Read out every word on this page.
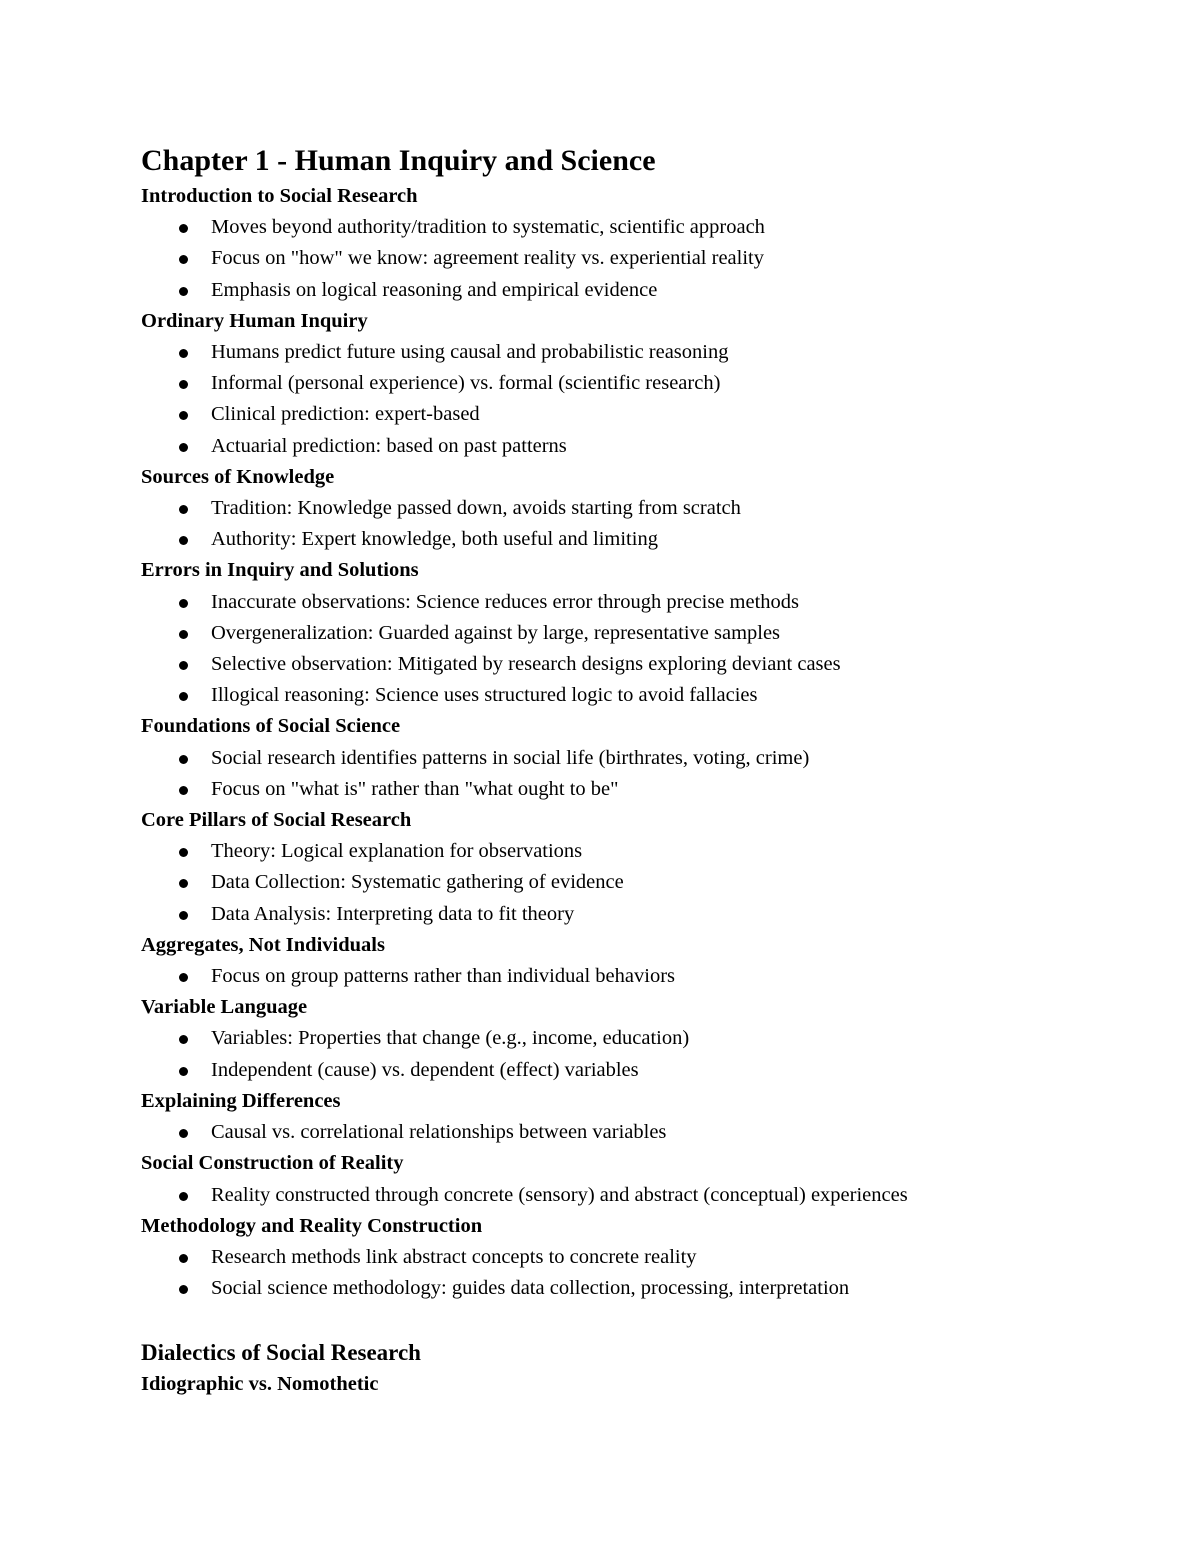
Chapter 1 - Human Inquiry and Science
Introduction to Social Research
Moves beyond authority/tradition to systematic, scientific approach
Focus on "how" we know: agreement reality vs. experiential reality
Emphasis on logical reasoning and empirical evidence
Ordinary Human Inquiry
Humans predict future using causal and probabilistic reasoning
Informal (personal experience) vs. formal (scientific research)
Clinical prediction: expert-based
Actuarial prediction: based on past patterns
Sources of Knowledge
Tradition: Knowledge passed down, avoids starting from scratch
Authority: Expert knowledge, both useful and limiting
Errors in Inquiry and Solutions
Inaccurate observations: Science reduces error through precise methods
Overgeneralization: Guarded against by large, representative samples
Selective observation: Mitigated by research designs exploring deviant cases
Illogical reasoning: Science uses structured logic to avoid fallacies
Foundations of Social Science
Social research identifies patterns in social life (birthrates, voting, crime)
Focus on "what is" rather than "what ought to be"
Core Pillars of Social Research
Theory: Logical explanation for observations
Data Collection: Systematic gathering of evidence
Data Analysis: Interpreting data to fit theory
Aggregates, Not Individuals
Focus on group patterns rather than individual behaviors
Variable Language
Variables: Properties that change (e.g., income, education)
Independent (cause) vs. dependent (effect) variables
Explaining Differences
Causal vs. correlational relationships between variables
Social Construction of Reality
Reality constructed through concrete (sensory) and abstract (conceptual) experiences
Methodology and Reality Construction
Research methods link abstract concepts to concrete reality
Social science methodology: guides data collection, processing, interpretation
Dialectics of Social Research
Idiographic vs. Nomothetic
